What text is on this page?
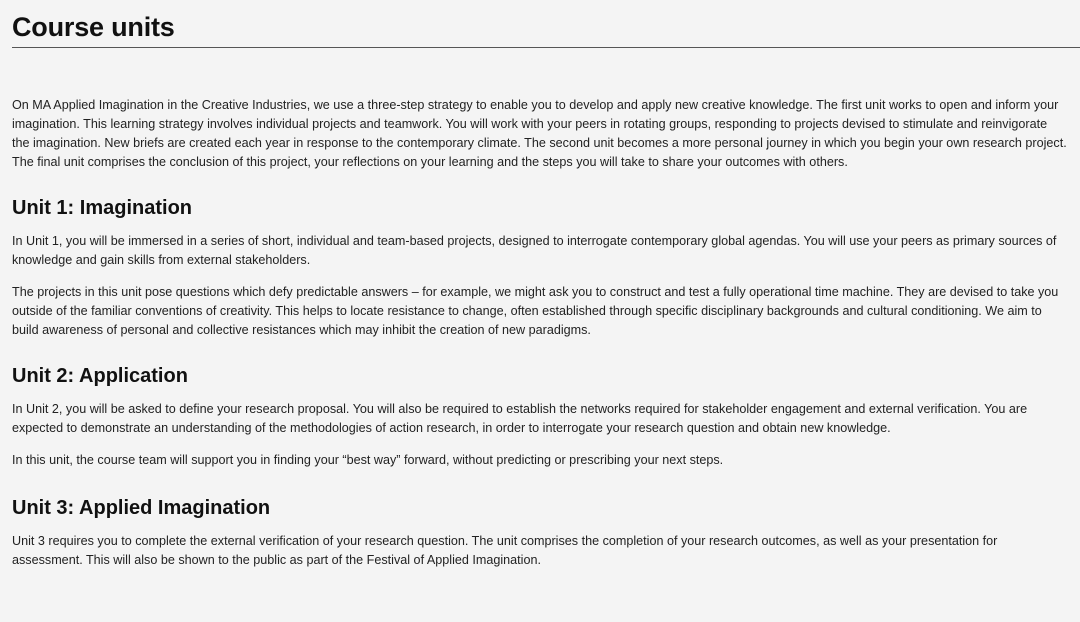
Course units

On MA Applied Imagination in the Creative Industries, we use a three-step strategy to enable you to develop and apply new creative knowledge. The first unit works to open and inform your imagination. This learning strategy involves individual projects and teamwork. You will work with your peers in rotating groups, responding to projects devised to stimulate and reinvigorate the imagination. New briefs are created each year in response to the contemporary climate. The second unit becomes a more personal journey in which you begin your own research project. The final unit comprises the conclusion of this project, your reflections on your learning and the steps you will take to share your outcomes with others.

Unit 1: Imagination

In Unit 1, you will be immersed in a series of short, individual and team-based projects, designed to interrogate contemporary global agendas. You will use your peers as primary sources of knowledge and gain skills from external stakeholders.

The projects in this unit pose questions which defy predictable answers – for example, we might ask you to construct and test a fully operational time machine. They are devised to take you outside of the familiar conventions of creativity. This helps to locate resistance to change, often established through specific disciplinary backgrounds and cultural conditioning. We aim to build awareness of personal and collective resistances which may inhibit the creation of new paradigms.

Unit 2: Application

In Unit 2, you will be asked to define your research proposal. You will also be required to establish the networks required for stakeholder engagement and external verification. You are expected to demonstrate an understanding of the methodologies of action research, in order to interrogate your research question and obtain new knowledge.

In this unit, the course team will support you in finding your “best way” forward, without predicting or prescribing your next steps.

Unit 3: Applied Imagination

Unit 3 requires you to complete the external verification of your research question. The unit comprises the completion of your research outcomes, as well as your presentation for assessment. This will also be shown to the public as part of the Festival of Applied Imagination.
